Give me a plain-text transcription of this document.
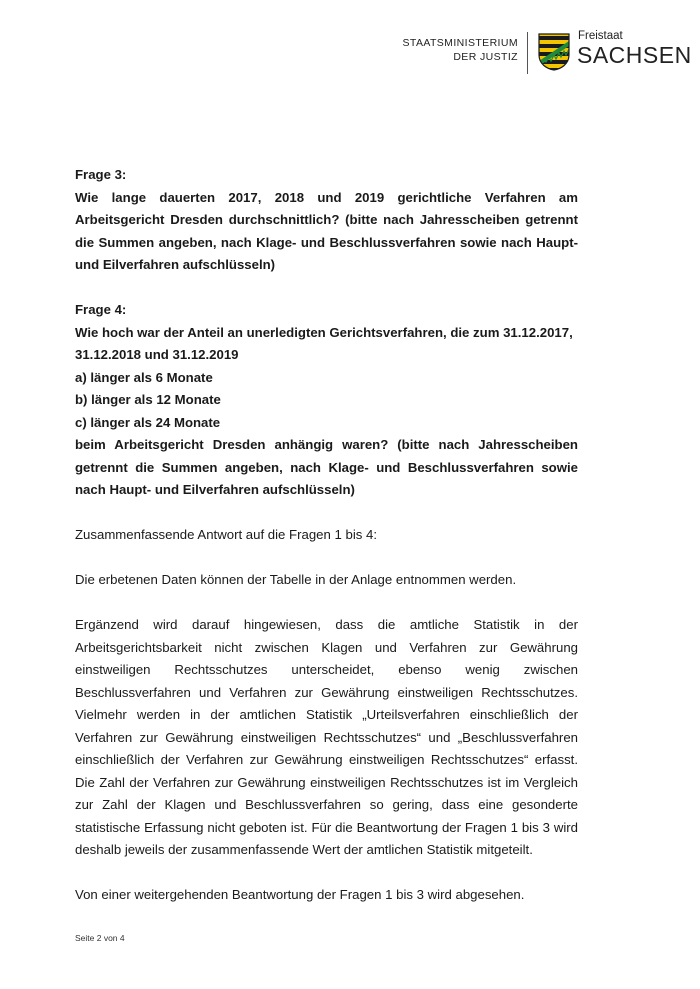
STAATSMINISTERIUM
DER JUSTIZ
Freistaat
SACHSEN

Frage 3:

Wie lange dauerten 2017, 2018 und 2019 gerichtliche Verfahren am Arbeitsgericht Dresden durchschnittlich? (bitte nach Jahresscheiben getrennt die Summen angeben, nach Klage- und Beschlussverfahren sowie nach Haupt- und Eilverfahren aufschlüsseln)

Frage 4:

Wie hoch war der Anteil an unerledigten Gerichtsverfahren, die zum 31.12.2017, 31.12.2018 und 31.12.2019

a) länger als 6 Monate

b) länger als 12 Monate

c) länger als 24 Monate

beim Arbeitsgericht Dresden anhängig waren? (bitte nach Jahresscheiben getrennt die Summen angeben, nach Klage- und Beschlussverfahren sowie nach Haupt- und Eilverfahren aufschlüsseln)

Zusammenfassende Antwort auf die Fragen 1 bis 4:

Die erbetenen Daten können der Tabelle in der Anlage entnommen werden.

Ergänzend wird darauf hingewiesen, dass die amtliche Statistik in der Arbeitsgerichtsbarkeit nicht zwischen Klagen und Verfahren zur Gewährung einstweiligen Rechtsschutzes unterscheidet, ebenso wenig zwischen Beschlussverfahren und Verfahren zur Gewährung einstweiligen Rechtsschutzes. Vielmehr werden in der amtlichen Statistik „Urteilsverfahren einschließlich der Verfahren zur Gewährung einstweiligen Rechtsschutzes“ und „Beschlussverfahren einschließlich der Verfahren zur Gewährung einstweiligen Rechtsschutzes“ erfasst. Die Zahl der Verfahren zur Gewährung einstweiligen Rechtsschutzes ist im Vergleich zur Zahl der Klagen und Beschlussverfahren so gering, dass eine gesonderte statistische Erfassung nicht geboten ist. Für die Beantwortung der Fragen 1 bis 3 wird deshalb jeweils der zusammenfassende Wert der amtlichen Statistik mitgeteilt.

Von einer weitergehenden Beantwortung der Fragen 1 bis 3 wird abgesehen.

Seite 2 von 4
